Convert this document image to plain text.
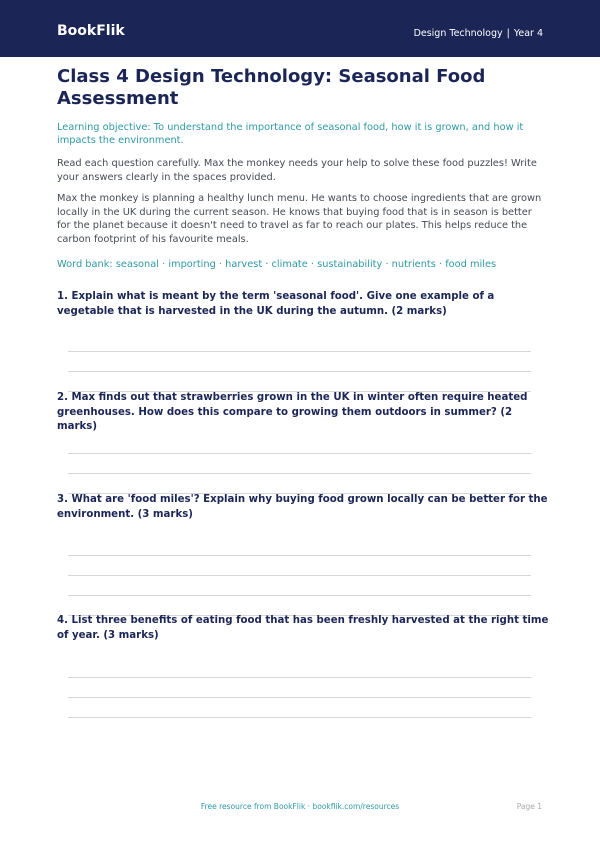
BookFlik	Design Technology | Year 4
Class 4 Design Technology: Seasonal Food Assessment

Learning objective: To understand the importance of seasonal food, how it is grown, and how it impacts the environment.

Read each question carefully. Max the monkey needs your help to solve these food puzzles! Write your answers clearly in the spaces provided.

Max the monkey is planning a healthy lunch menu. He wants to choose ingredients that are grown locally in the UK during the current season. He knows that buying food that is in season is better for the planet because it doesn't need to travel as far to reach our plates. This helps reduce the carbon footprint of his favourite meals.

Word bank: seasonal · importing · harvest · climate · sustainability · nutrients · food miles

1. Explain what is meant by the term 'seasonal food'. Give one example of a vegetable that is harvested in the UK during the autumn. (2 marks)

2. Max finds out that strawberries grown in the UK in winter often require heated greenhouses. How does this compare to growing them outdoors in summer? (2 marks)

3. What are 'food miles'? Explain why buying food grown locally can be better for the environment. (3 marks)

4. List three benefits of eating food that has been freshly harvested at the right time of year. (3 marks)

Free resource from BookFlik · bookflik.com/resources	Page 1
